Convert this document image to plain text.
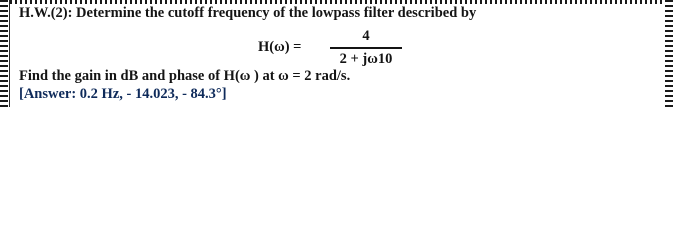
H.W.(2): Determine the cutoff frequency of the lowpass filter described by
H(ω) =
4
2 + jω10
Find the gain in dB and phase of H(ω ) at ω = 2 rad/s.
[Answer: 0.2 Hz, - 14.023, - 84.3°]
